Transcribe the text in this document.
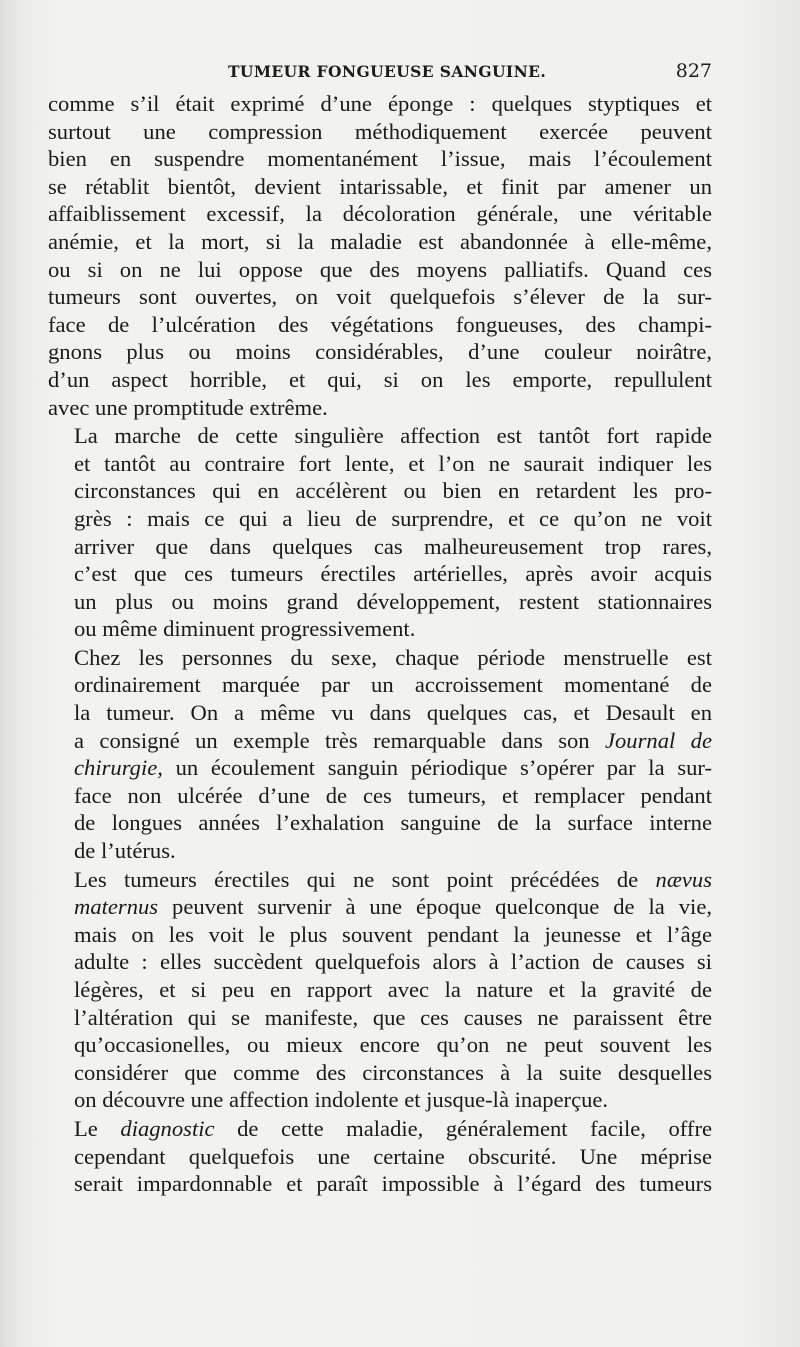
TUMEUR FONGUEUSE SANGUINE.	827

comme s’il était exprimé d’une éponge : quelques styptiques et
surtout une compression méthodiquement exercée peuvent
bien en suspendre momentanément l’issue, mais l’écoulement
se rétablit bientôt, devient intarissable, et finit par amener un
affaiblissement excessif, la décoloration générale, une véritable
anémie, et la mort, si la maladie est abandonnée à elle-même,
ou si on ne lui oppose que des moyens palliatifs. Quand ces
tumeurs sont ouvertes, on voit quelquefois s’élever de la sur-
face de l’ulcération des végétations fongueuses, des champi-
gnons plus ou moins considérables, d’une couleur noirâtre,
d’un aspect horrible, et qui, si on les emporte, repullulent
avec une promptitude extrême.

La marche de cette singulière affection est tantôt fort rapide
et tantôt au contraire fort lente, et l’on ne saurait indiquer les
circonstances qui en accélèrent ou bien en retardent les pro-
grès : mais ce qui a lieu de surprendre, et ce qu’on ne voit
arriver que dans quelques cas malheureusement trop rares,
c’est que ces tumeurs érectiles artérielles, après avoir acquis
un plus ou moins grand développement, restent stationnaires
ou même diminuent progressivement.

Chez les personnes du sexe, chaque période menstruelle est
ordinairement marquée par un accroissement momentané de
la tumeur. On a même vu dans quelques cas, et Desault en
a consigné un exemple très remarquable dans son Journal de
chirurgie, un écoulement sanguin périodique s’opérer par la sur-
face non ulcérée d’une de ces tumeurs, et remplacer pendant
de longues années l’exhalation sanguine de la surface interne
de l’utérus.

Les tumeurs érectiles qui ne sont point précédées de nævus
maternus peuvent survenir à une époque quelconque de la vie,
mais on les voit le plus souvent pendant la jeunesse et l’âge
adulte : elles succèdent quelquefois alors à l’action de causes si
légères, et si peu en rapport avec la nature et la gravité de
l’altération qui se manifeste, que ces causes ne paraissent être
qu’occasionelles, ou mieux encore qu’on ne peut souvent les
considérer que comme des circonstances à la suite desquelles
on découvre une affection indolente et jusque-là inaperçue.

Le diagnostic de cette maladie, généralement facile, offre
cependant quelquefois une certaine obscurité. Une méprise
serait impardonnable et paraît impossible à l’égard des tumeurs
